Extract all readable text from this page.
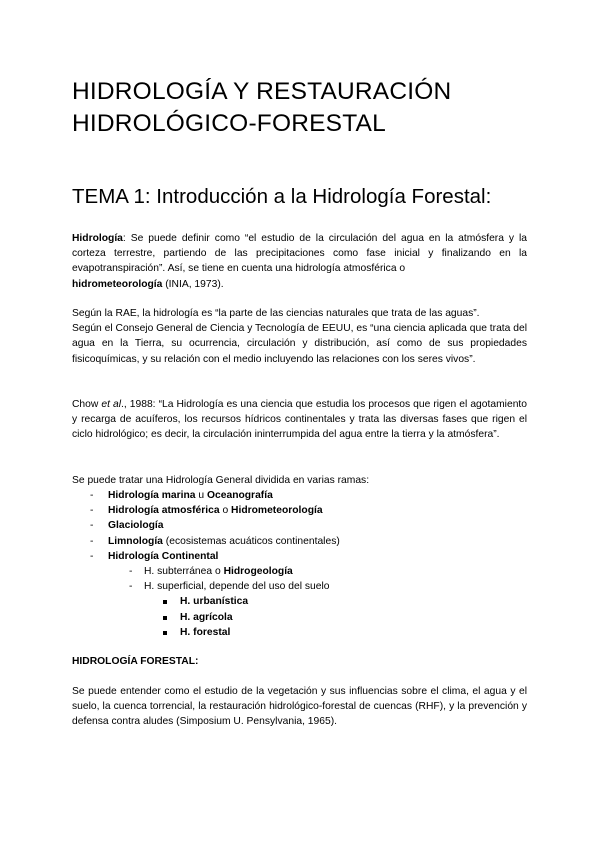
HIDROLOGÍA Y RESTAURACIÓN
HIDROLÓGICO-FORESTAL
TEMA 1: Introducción a la Hidrología Forestal:

Hidrología: Se puede definir como “el estudio de la circulación del agua en la atmósfera y la corteza terrestre, partiendo de las precipitaciones como fase inicial y finalizando en la evapotranspiración”. Así, se tiene en cuenta una hidrología atmosférica o
hidrometeorología (INIA, 1973).

Según la RAE, la hidrología es “la parte de las ciencias naturales que trata de las aguas”.

Según el Consejo General de Ciencia y Tecnología de EEUU, es “una ciencia aplicada que trata del agua en la Tierra, su ocurrencia, circulación y distribución, así como de sus propiedades fisicoquímicas, y su relación con el medio incluyendo las relaciones con los seres vivos”.

Chow et al., 1988: “La Hidrología es una ciencia que estudia los procesos que rigen el agotamiento y recarga de acuíferos, los recursos hídricos continentales y trata las diversas fases que rigen el ciclo hidrológico; es decir, la circulación ininterrumpida del agua entre la tierra y la atmósfera”.

Se puede tratar una Hidrología General dividida en varias ramas:
- Hidrología marina u Oceanografía
- Hidrología atmosférica o Hidrometeorología
- Glaciología
- Limnología (ecosistemas acuáticos continentales)
- Hidrología Continental
- H. subterránea o Hidrogeología
- H. superficial, depende del uso del suelo
H. urbanística
H. agrícola
H. forestal
HIDROLOGÍA FORESTAL:
Se puede entender como el estudio de la vegetación y sus influencias sobre el clima, el agua y el suelo, la cuenca torrencial, la restauración hidrológico-forestal de cuencas (RHF), y la prevención y defensa contra aludes (Simposium U. Pensylvania, 1965).
